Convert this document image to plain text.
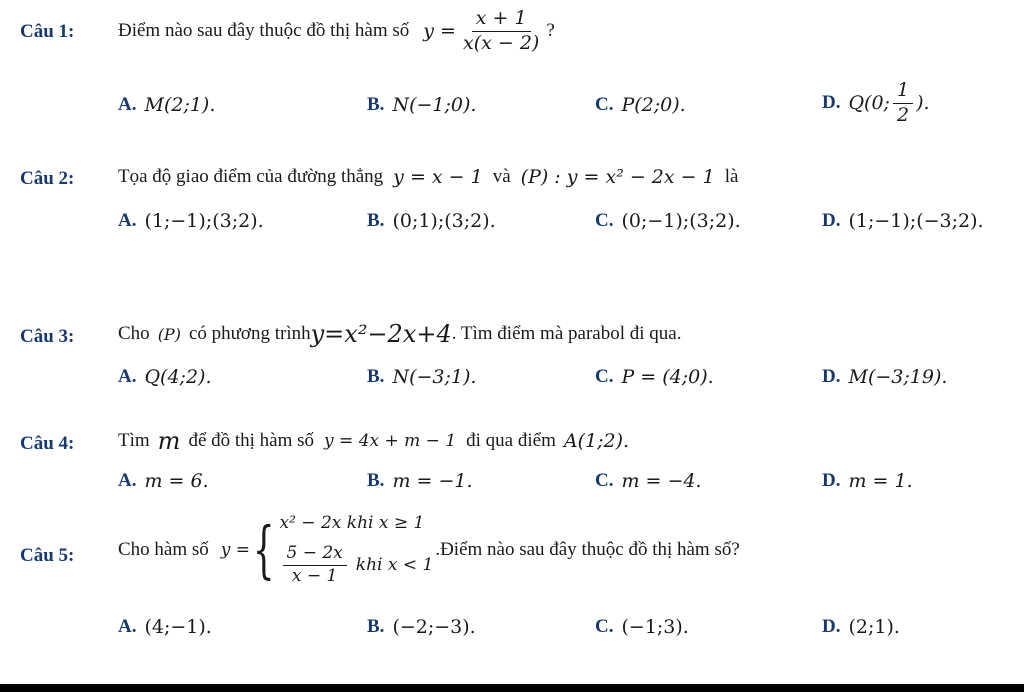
Câu 1: Điểm nào sau đây thuộc đồ thị hàm số $y = \frac{x + 1}{x(x - 2)}$ ?
A. M(2;1).	B. N(−1;0).	C. P(2;0).	D. Q(0; $\frac{1}{2}$ ).
Câu 2: Tọa độ giao điểm của đường thẳng y = x − 1 và (P) : y = x² − 2x − 1 là
A. (1;−1);(3;2).	B. (0;1);(3;2).	C. (0;−1);(3;2).	D. (1;−1);(−3;2).
Câu 3: Cho (P) có phương trình y=x²−2x+4 . Tìm điểm mà parabol đi qua.
A. Q(4;2).	B. N(−3;1).	C. P = (4;0).	D. M(−3;19).
Câu 4: Tìm m để đồ thị hàm số y = 4x + m − 1 đi qua điểm A(1;2).
A. m = 6.	B. m = −1.	C. m = −4.	D. m = 1.
Câu 5: Cho hàm số y = { x² − 2x khi x ≥ 1
$\frac{5 - 2x}{x - 1}$ khi x < 1
.Điểm nào sau đây thuộc đồ thị hàm số?
A. (4;−1).	B. (−2;−3).	C. (−1;3).	D. (2;1).
